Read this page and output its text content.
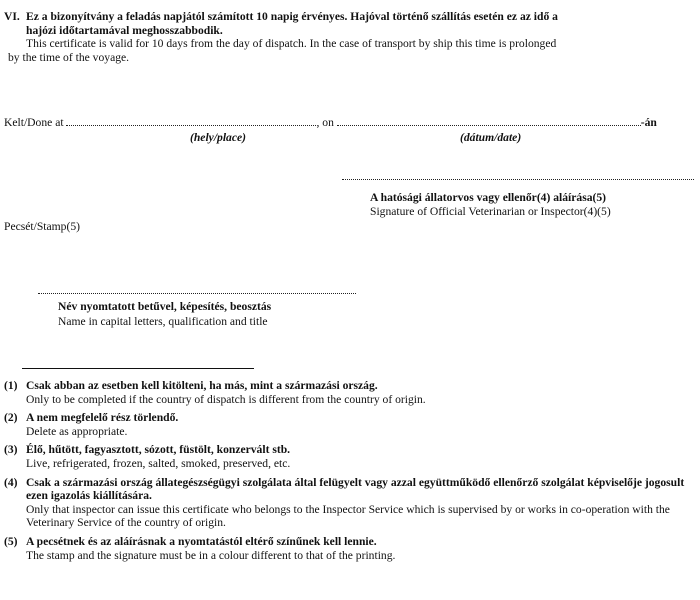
VI. Ez a bizonyítvány a feladás napjától számított 10 napig érvényes. Hajóval történő szállítás esetén ez az idő a
hajózi időtartamával meghosszabbodik.
This certificate is valid for 10 days from the day of dispatch. In the case of transport by ship this time is prolonged
by the time of the voyage.
Kelt/Done at	, on	-án
(hely/place)	(dátum/date)
A hatósági állatorvos vagy ellenőr(4) aláírása(5)
Signature of Official Veterinarian or Inspector(4)(5)
Pecsét/Stamp(5)
Név nyomtatott betűvel, képesítés, beosztás
Name in capital letters, qualification and title
(1) Csak abban az esetben kell kitölteni, ha más, mint a származási ország.
Only to be completed if the country of dispatch is different from the country of origin.
(2) A nem megfelelő rész törlendő.
Delete as appropriate.
(3) Élő, hűtött, fagyasztott, sózott, füstölt, konzervált stb.
Live, refrigerated, frozen, salted, smoked, preserved, etc.
(4) Csak a származási ország állategészségügyi szolgálata által felügyelt vagy azzal együttműködő ellenőrző szolgálat képviselője jogosult ezen igazolás kiállítására.
Only that inspector can issue this certificate who belongs to the Inspector Service which is supervised by or works in co-operation with the Veterinary Service of the country of origin.
(5) A pecsétnek és az aláírásnak a nyomtatástól eltérő színűnek kell lennie.
The stamp and the signature must be in a colour different to that of the printing.
